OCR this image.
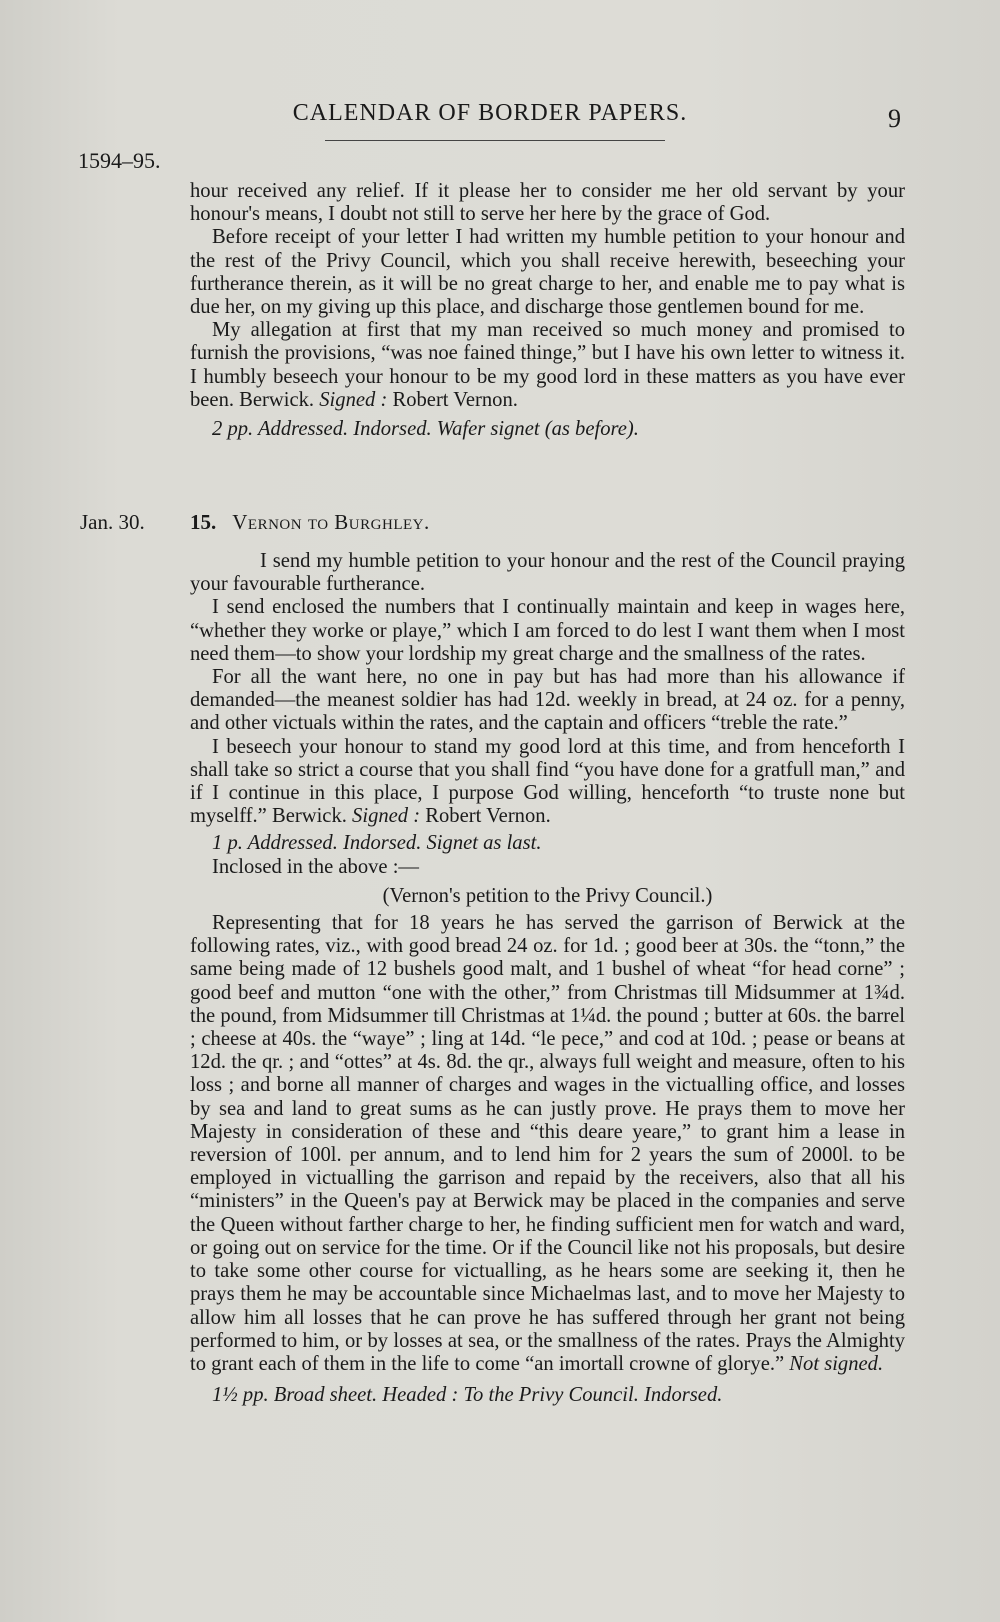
CALENDAR OF BORDER PAPERS.	9
1594–95.

hour received any relief. If it please her to consider me her old servant by your honour's means, I doubt not still to serve her here by the grace of God.

Before receipt of your letter I had written my humble petition to your honour and the rest of the Privy Council, which you shall receive herewith, beseeching your furtherance therein, as it will be no great charge to her, and enable me to pay what is due her, on my giving up this place, and discharge those gentlemen bound for me.

My allegation at first that my man received so much money and promised to furnish the provisions, “was noe fained thinge,” but I have his own letter to witness it. I humbly beseech your honour to be my good lord in these matters as you have ever been. Berwick. Signed : Robert Vernon.

2 pp. Addressed. Indorsed. Wafer signet (as before).

Jan. 30. 15. Vernon to Burghley.

I send my humble petition to your honour and the rest of the Council praying your favourable furtherance.

I send enclosed the numbers that I continually maintain and keep in wages here, “whether they worke or playe,” which I am forced to do lest I want them when I most need them—to show your lordship my great charge and the smallness of the rates.

For all the want here, no one in pay but has had more than his allowance if demanded—the meanest soldier has had 12d. weekly in bread, at 24 oz. for a penny, and other victuals within the rates, and the captain and officers “treble the rate.”

I beseech your honour to stand my good lord at this time, and from henceforth I shall take so strict a course that you shall find “you have done for a gratfull man,” and if I continue in this place, I purpose God willing, henceforth “to truste none but myselff.” Berwick. Signed : Robert Vernon.

1 p. Addressed. Indorsed. Signet as last.

Inclosed in the above :—

(Vernon's petition to the Privy Council.)

Representing that for 18 years he has served the garrison of Berwick at the following rates, viz., with good bread 24 oz. for 1d. ; good beer at 30s. the “tonn,” the same being made of 12 bushels good malt, and 1 bushel of wheat “for head corne” ; good beef and mutton “one with the other,” from Christmas till Midsummer at 1¾d. the pound, from Midsummer till Christmas at 1¼d. the pound ; butter at 60s. the barrel ; cheese at 40s. the “waye” ; ling at 14d. “le pece,” and cod at 10d. ; pease or beans at 12d. the qr. ; and “ottes” at 4s. 8d. the qr., always full weight and measure, often to his loss ; and borne all manner of charges and wages in the victualling office, and losses by sea and land to great sums as he can justly prove. He prays them to move her Majesty in consideration of these and “this deare yeare,” to grant him a lease in reversion of 100l. per annum, and to lend him for 2 years the sum of 2000l. to be employed in victualling the garrison and repaid by the receivers, also that all his “ministers” in the Queen's pay at Berwick may be placed in the companies and serve the Queen without farther charge to her, he finding sufficient men for watch and ward, or going out on service for the time. Or if the Council like not his proposals, but desire to take some other course for victualling, as he hears some are seeking it, then he prays them he may be accountable since Michaelmas last, and to move her Majesty to allow him all losses that he can prove he has suffered through her grant not being performed to him, or by losses at sea, or the smallness of the rates. Prays the Almighty to grant each of them in the life to come “an imortall crowne of glorye.” Not signed.

1½ pp. Broad sheet. Headed : To the Privy Council. Indorsed.
